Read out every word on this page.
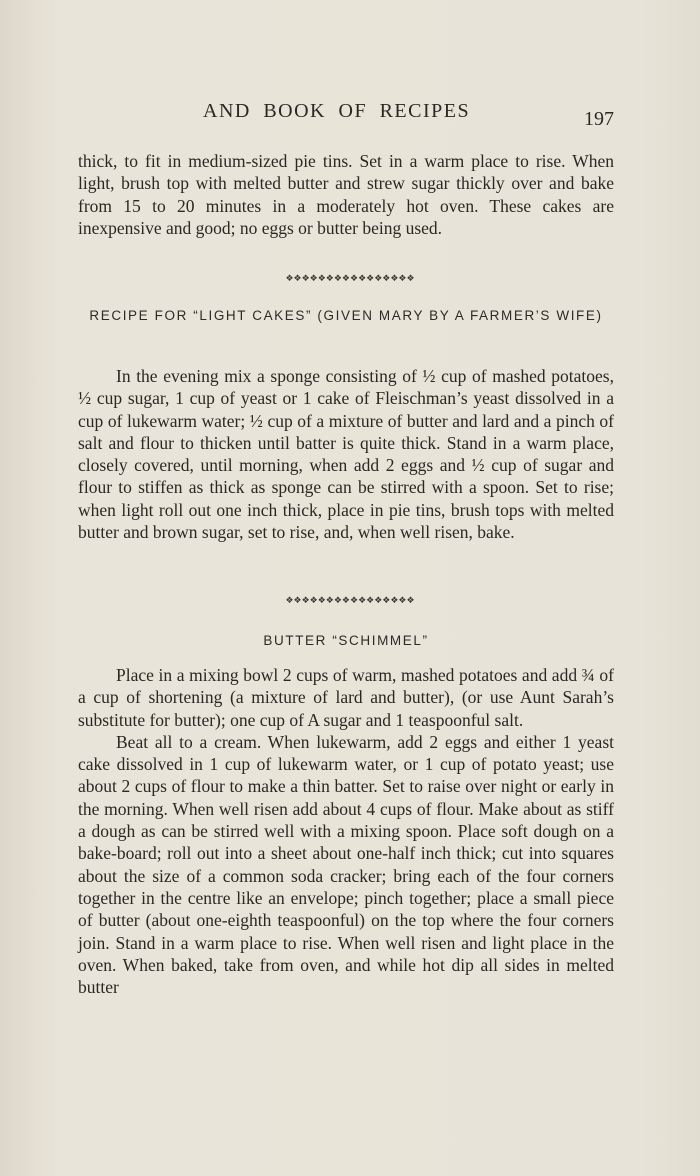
AND BOOK OF RECIPES	197

thick, to fit in medium-sized pie tins. Set in a warm place to rise. When light, brush top with melted butter and strew sugar thickly over and bake from 15 to 20 minutes in a moderately hot oven. These cakes are inexpensive and good; no eggs or butter being used.

❖❖❖❖❖❖❖❖❖❖❖❖❖❖❖❖
RECIPE FOR “LIGHT CAKES” (GIVEN MARY BY A FARMER’S WIFE)

In the evening mix a sponge consisting of ½ cup of mashed potatoes, ½ cup sugar, 1 cup of yeast or 1 cake of Fleischman’s yeast dissolved in a cup of lukewarm water; ½ cup of a mixture of butter and lard and a pinch of salt and flour to thicken until batter is quite thick. Stand in a warm place, closely covered, until morning, when add 2 eggs and ½ cup of sugar and flour to stiffen as thick as sponge can be stirred with a spoon. Set to rise; when light roll out one inch thick, place in pie tins, brush tops with melted butter and brown sugar, set to rise, and, when well risen, bake.

❖❖❖❖❖❖❖❖❖❖❖❖❖❖❖❖
BUTTER “SCHIMMEL”

Place in a mixing bowl 2 cups of warm, mashed potatoes and add ¾ of a cup of shortening (a mixture of lard and butter), (or use Aunt Sarah’s substitute for butter); one cup of A sugar and 1 teaspoonful salt.

Beat all to a cream. When lukewarm, add 2 eggs and either 1 yeast cake dissolved in 1 cup of lukewarm water, or 1 cup of potato yeast; use about 2 cups of flour to make a thin batter. Set to raise over night or early in the morning. When well risen add about 4 cups of flour. Make about as stiff a dough as can be stirred well with a mixing spoon. Place soft dough on a bake-board; roll out into a sheet about one-half inch thick; cut into squares about the size of a common soda cracker; bring each of the four corners together in the centre like an envelope; pinch together; place a small piece of butter (about one-eighth teaspoonful) on the top where the four corners join. Stand in a warm place to rise. When well risen and light place in the oven. When baked, take from oven, and while hot dip all sides in melted butter
